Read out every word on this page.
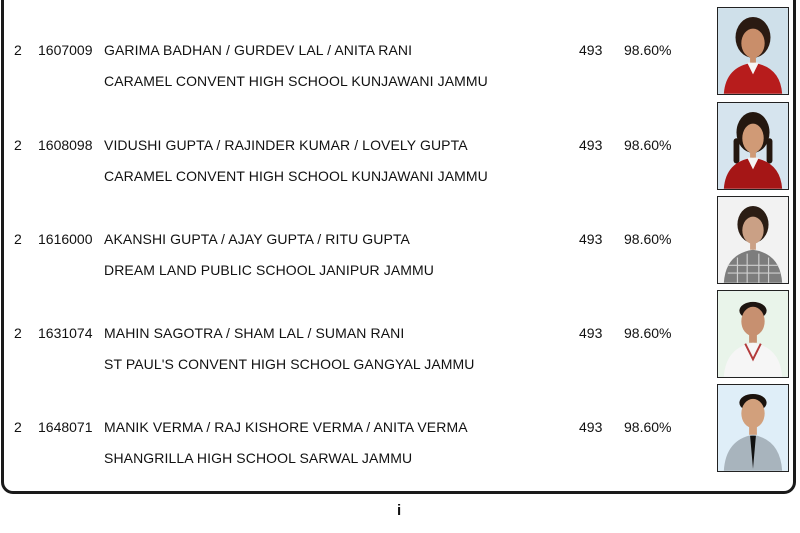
2 1607009 GARIMA BADHAN / GURDEV LAL / ANITA RANI
CARAMEL CONVENT HIGH SCHOOL KUNJAWANI JAMMU
493 98.60%
2 1608098 VIDUSHI GUPTA / RAJINDER KUMAR / LOVELY GUPTA
CARAMEL CONVENT HIGH SCHOOL KUNJAWANI JAMMU
493 98.60%
2 1616000 AKANSHI GUPTA / AJAY GUPTA / RITU GUPTA
DREAM LAND PUBLIC SCHOOL JANIPUR JAMMU
493 98.60%
2 1631074 MAHIN SAGOTRA / SHAM LAL / SUMAN RANI
ST PAUL'S CONVENT HIGH SCHOOL GANGYAL JAMMU
493 98.60%
2 1648071 MANIK VERMA / RAJ KISHORE VERMA / ANITA VERMA
SHANGRILLA HIGH SCHOOL SARWAL JAMMU
493 98.60%
i
